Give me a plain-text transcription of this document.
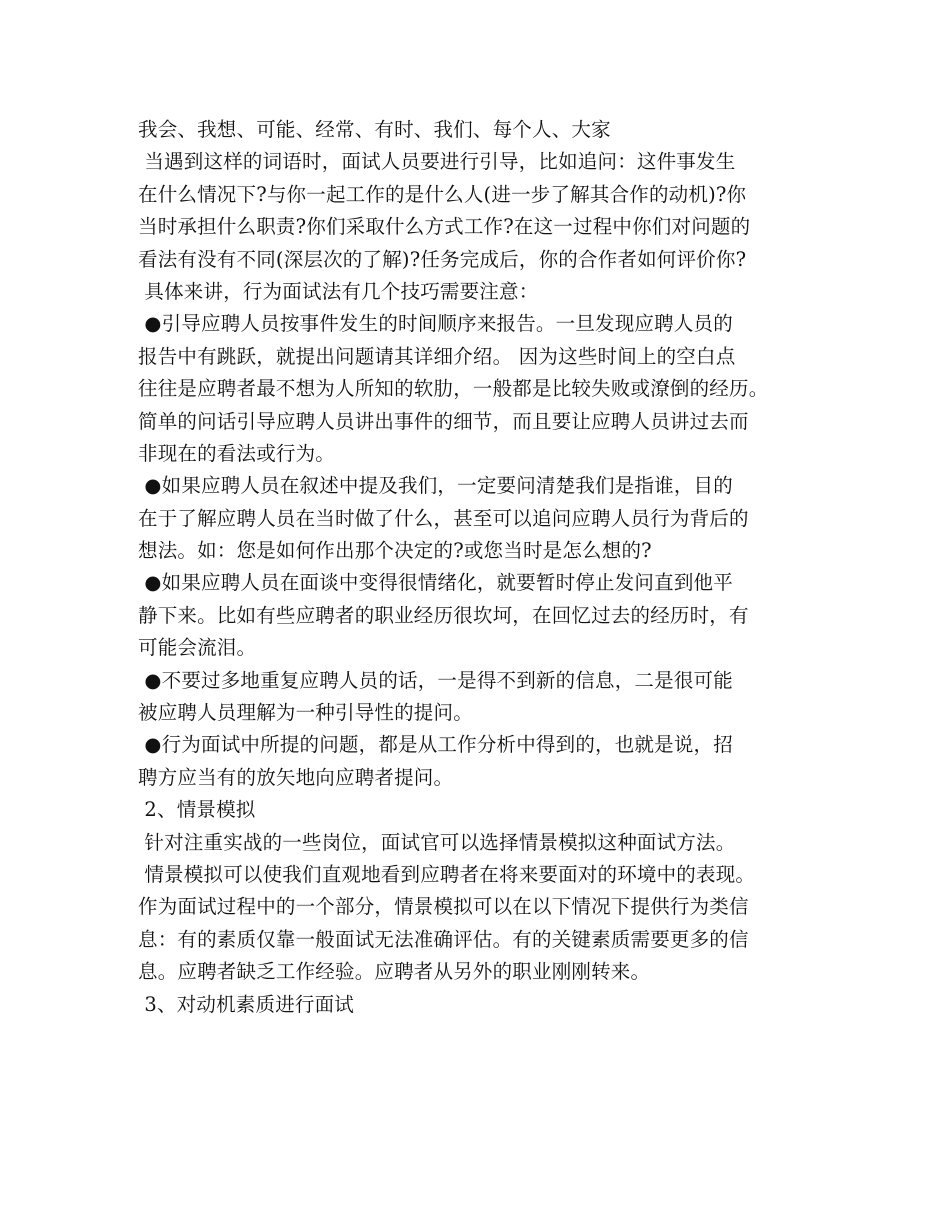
我会、我想、可能、经常、有时、我们、每个人、大家
当遇到这样的词语时，面试人员要进行引导，比如追问：这件事发生
在什么情况下?与你一起工作的是什么人(进一步了解其合作的动机)?你
当时承担什么职责?你们采取什么方式工作?在这一过程中你们对问题的
看法有没有不同(深层次的了解)?任务完成后，你的合作者如何评价你?
具体来讲，行为面试法有几个技巧需要注意：
●引导应聘人员按事件发生的时间顺序来报告。一旦发现应聘人员的
报告中有跳跃，就提出问题请其详细介绍。 因为这些时间上的空白点
往往是应聘者最不想为人所知的软肋，一般都是比较失败或潦倒的经历。
简单的问话引导应聘人员讲出事件的细节，而且要让应聘人员讲过去而
非现在的看法或行为。
●如果应聘人员在叙述中提及我们，一定要问清楚我们是指谁，目的
在于了解应聘人员在当时做了什么，甚至可以追问应聘人员行为背后的
想法。如：您是如何作出那个决定的?或您当时是怎么想的?
●如果应聘人员在面谈中变得很情绪化，就要暂时停止发问直到他平
静下来。比如有些应聘者的职业经历很坎坷，在回忆过去的经历时，有
可能会流泪。
●不要过多地重复应聘人员的话，一是得不到新的信息，二是很可能
被应聘人员理解为一种引导性的提问。
●行为面试中所提的问题，都是从工作分析中得到的，也就是说，招
聘方应当有的放矢地向应聘者提问。
2、情景模拟
针对注重实战的一些岗位，面试官可以选择情景模拟这种面试方法。
情景模拟可以使我们直观地看到应聘者在将来要面对的环境中的表现。
作为面试过程中的一个部分，情景模拟可以在以下情况下提供行为类信
息：有的素质仅靠一般面试无法准确评估。有的关键素质需要更多的信
息。应聘者缺乏工作经验。应聘者从另外的职业刚刚转来。
3、对动机素质进行面试
